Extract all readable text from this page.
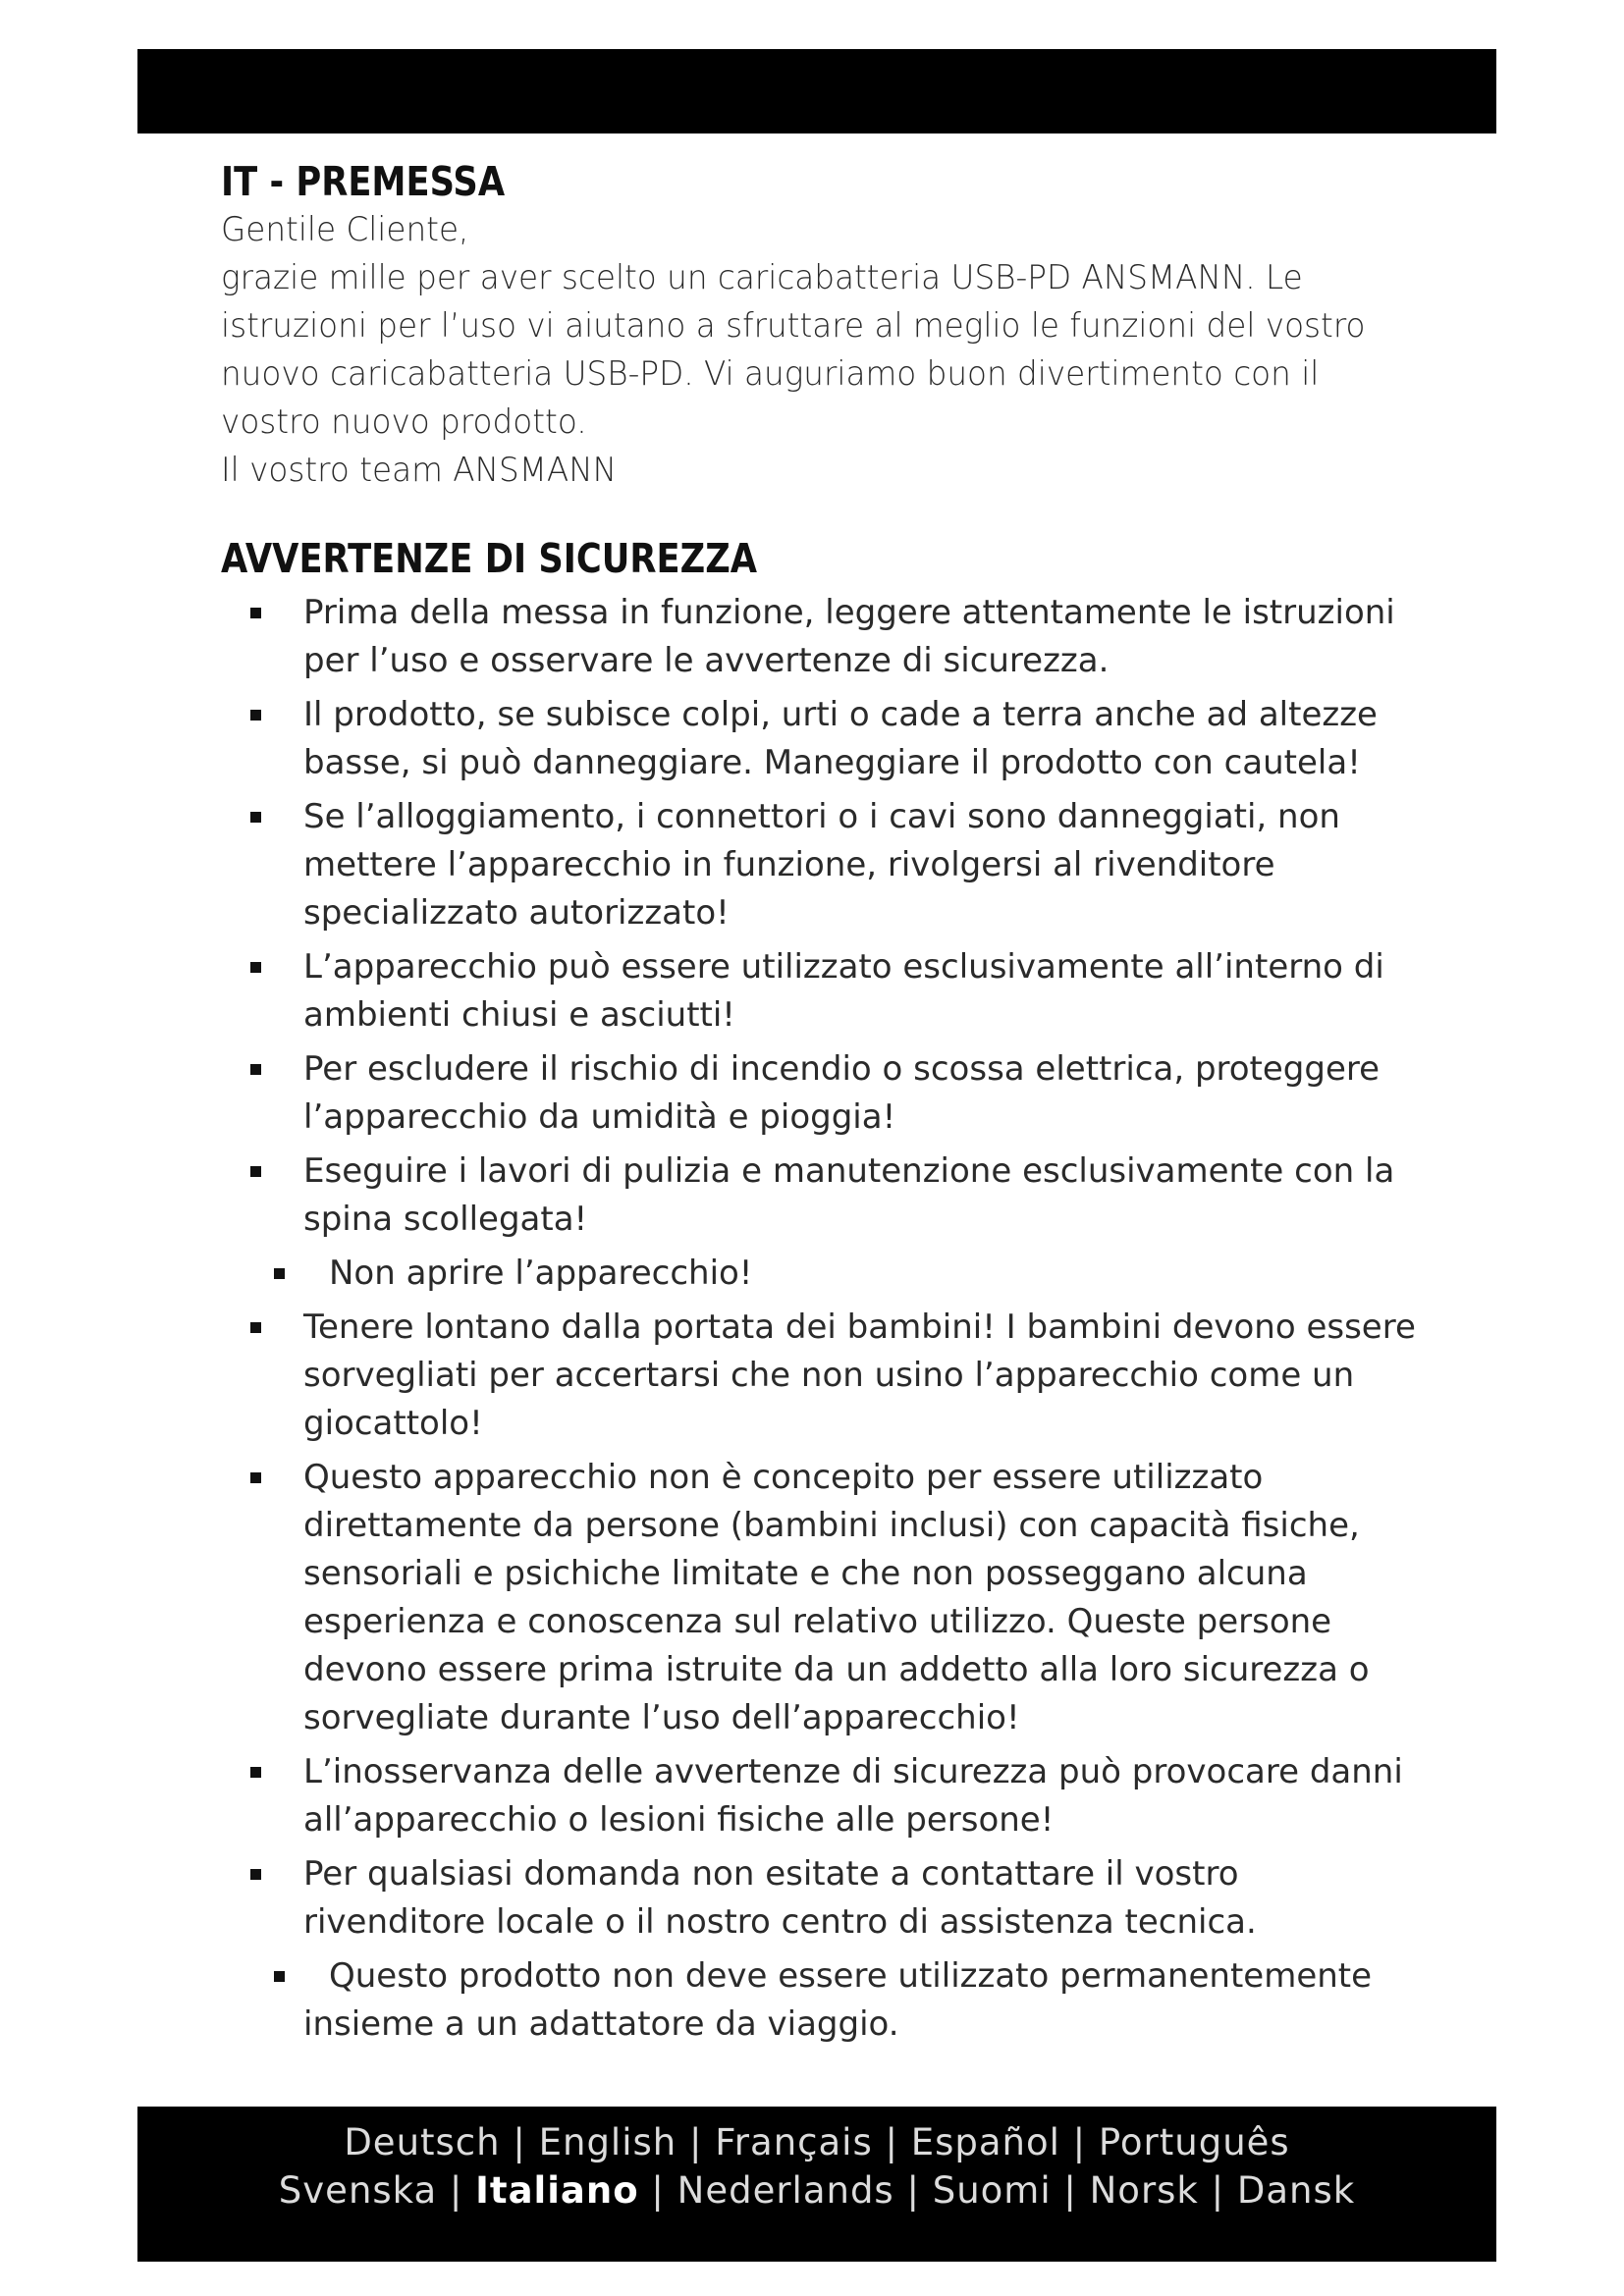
IT - PREMESSA

Gentile Cliente,

grazie mille per aver scelto un caricabatteria USB-PD ANSMANN. Le istruzioni per l’uso vi aiutano a sfruttare al meglio le funzioni del vostro nuovo caricabatteria USB-PD. Vi auguriamo buon divertimento con il vostro nuovo prodotto.

Il vostro team ANSMANN

AVVERTENZE DI SICUREZZA
Prima della messa in funzione, leggere attentamente le istruzioni per l’uso e osservare le avvertenze di sicurezza.
Il prodotto, se subisce colpi, urti o cade a terra anche ad altezze basse, si può danneggiare. Maneggiare il prodotto con cautela!
Se l’alloggiamento, i connettori o i cavi sono danneggiati, non mettere l’apparecchio in funzione, rivolgersi al rivenditore specializzato autorizzato!
L’apparecchio può essere utilizzato esclusivamente all’interno di ambienti chiusi e asciutti!
Per escludere il rischio di incendio o scossa elettrica, proteggere l’apparecchio da umidità e pioggia!
Eseguire i lavori di pulizia e manutenzione esclusivamente con la spina scollegata!
Non aprire l’apparecchio!
Tenere lontano dalla portata dei bambini! I bambini devono essere sorvegliati per accertarsi che non usino l’apparecchio come un giocattolo!
Questo apparecchio non è concepito per essere utilizzato direttamente da persone (bambini inclusi) con capacità fisiche, sensoriali e psichiche limitate e che non posseggano alcuna esperienza e conoscenza sul relativo utilizzo. Queste persone devono essere prima istruite da un addetto alla loro sicurezza o sorvegliate durante l’uso dell’apparecchio!
L’inosservanza delle avvertenze di sicurezza può provocare danni all’apparecchio o lesioni fisiche alle persone!
Per qualsiasi domanda non esitate a contattare il vostro rivenditore locale o il nostro centro di assistenza tecnica.
Questo prodotto non deve essere utilizzato permanentemente insieme a un adattatore da viaggio.
Deutsch | English | Français | Español | Português
Svenska | Italiano | Nederlands | Suomi | Norsk | Dansk
